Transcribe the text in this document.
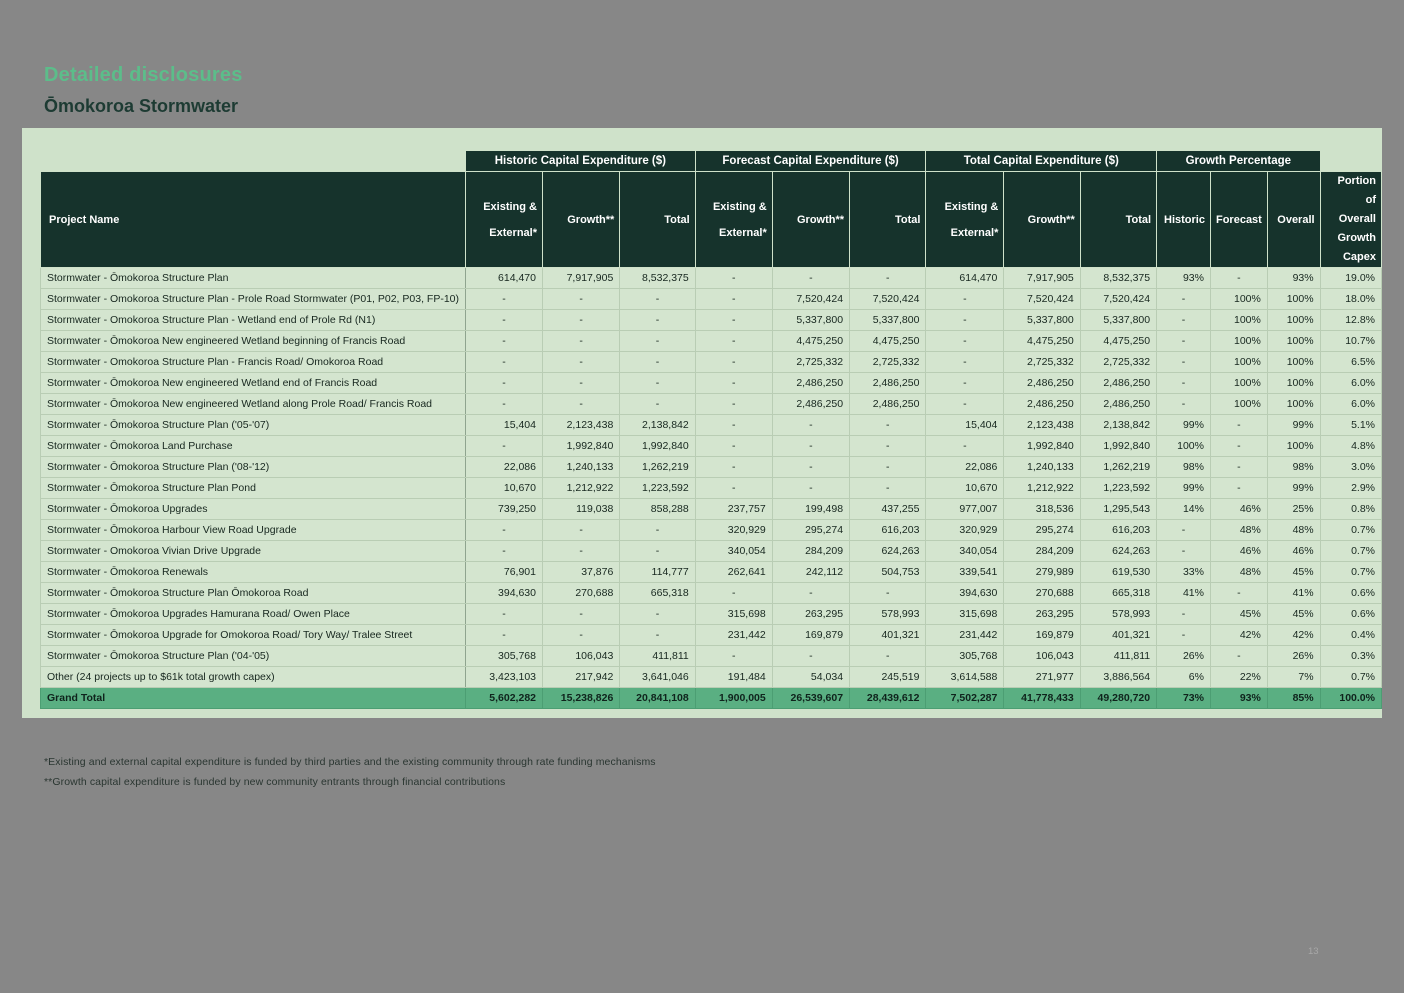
Detailed disclosures
Ōmokoroa Stormwater
	Historic Capital Expenditure ($)			Forecast Capital Expenditure ($)			Total Capital Expenditure ($)			Growth Percentage			
Project Name	Existing & External*	Growth**	Total	Existing & External*	Growth**	Total	Existing & External*	Growth**	Total	Historic	Forecast	Overall	Portion of Overall Growth Capex
Stormwater - Ōmokoroa Structure Plan	614,470	7,917,905	8,532,375	-	-	-	614,470	7,917,905	8,532,375	93%	-	93%	19.0%
Stormwater - Omokoroa Structure Plan - Prole Road Stormwater (P01, P02, P03, FP-10)	-	-	-	-	7,520,424	7,520,424	-	7,520,424	7,520,424	-	100%	100%	18.0%
Stormwater - Omokoroa Structure Plan - Wetland end of Prole Rd (N1)	-	-	-	-	5,337,800	5,337,800	-	5,337,800	5,337,800	-	100%	100%	12.8%
Stormwater - Ōmokoroa New engineered Wetland beginning of Francis Road	-	-	-	-	4,475,250	4,475,250	-	4,475,250	4,475,250	-	100%	100%	10.7%
Stormwater - Omokoroa Structure Plan - Francis Road/ Omokoroa Road	-	-	-	-	2,725,332	2,725,332	-	2,725,332	2,725,332	-	100%	100%	6.5%
Stormwater - Ōmokoroa New engineered Wetland end of Francis Road	-	-	-	-	2,486,250	2,486,250	-	2,486,250	2,486,250	-	100%	100%	6.0%
Stormwater - Ōmokoroa New engineered Wetland along Prole Road/ Francis Road	-	-	-	-	2,486,250	2,486,250	-	2,486,250	2,486,250	-	100%	100%	6.0%
Stormwater - Ōmokoroa Structure Plan ('05-'07)	15,404	2,123,438	2,138,842	-	-	-	15,404	2,123,438	2,138,842	99%	-	99%	5.1%
Stormwater - Ōmokoroa Land Purchase	-	1,992,840	1,992,840	-	-	-	-	1,992,840	1,992,840	100%	-	100%	4.8%
Stormwater - Ōmokoroa Structure Plan ('08-'12)	22,086	1,240,133	1,262,219	-	-	-	22,086	1,240,133	1,262,219	98%	-	98%	3.0%
Stormwater - Ōmokoroa Structure Plan Pond	10,670	1,212,922	1,223,592	-	-	-	10,670	1,212,922	1,223,592	99%	-	99%	2.9%
Stormwater - Ōmokoroa Upgrades	739,250	119,038	858,288	237,757	199,498	437,255	977,007	318,536	1,295,543	14%	46%	25%	0.8%
Stormwater - Ōmokoroa Harbour View Road Upgrade	-	-	-	320,929	295,274	616,203	320,929	295,274	616,203	-	48%	48%	0.7%
Stormwater - Omokoroa Vivian Drive Upgrade	-	-	-	340,054	284,209	624,263	340,054	284,209	624,263	-	46%	46%	0.7%
Stormwater - Ōmokoroa Renewals	76,901	37,876	114,777	262,641	242,112	504,753	339,541	279,989	619,530	33%	48%	45%	0.7%
Stormwater - Ōmokoroa Structure Plan Ōmokoroa Road	394,630	270,688	665,318	-	-	-	394,630	270,688	665,318	41%	-	41%	0.6%
Stormwater - Ōmokoroa Upgrades Hamurana Road/ Owen Place	-	-	-	315,698	263,295	578,993	315,698	263,295	578,993	-	45%	45%	0.6%
Stormwater - Ōmokoroa Upgrade for Omokoroa Road/ Tory Way/ Tralee Street	-	-	-	231,442	169,879	401,321	231,442	169,879	401,321	-	42%	42%	0.4%
Stormwater - Ōmokoroa Structure Plan ('04-'05)	305,768	106,043	411,811	-	-	-	305,768	106,043	411,811	26%	-	26%	0.3%
Other (24 projects up to $61k total growth capex)	3,423,103	217,942	3,641,046	191,484	54,034	245,519	3,614,588	271,977	3,886,564	6%	22%	7%	0.7%
Grand Total	5,602,282	15,238,826	20,841,108	1,900,005	26,539,607	28,439,612	7,502,287	41,778,433	49,280,720	73%	93%	85%	100.0%
*Existing and external capital expenditure is funded by third parties and the existing community through rate funding mechanisms
**Growth capital expenditure is funded by new community entrants through financial contributions
13
